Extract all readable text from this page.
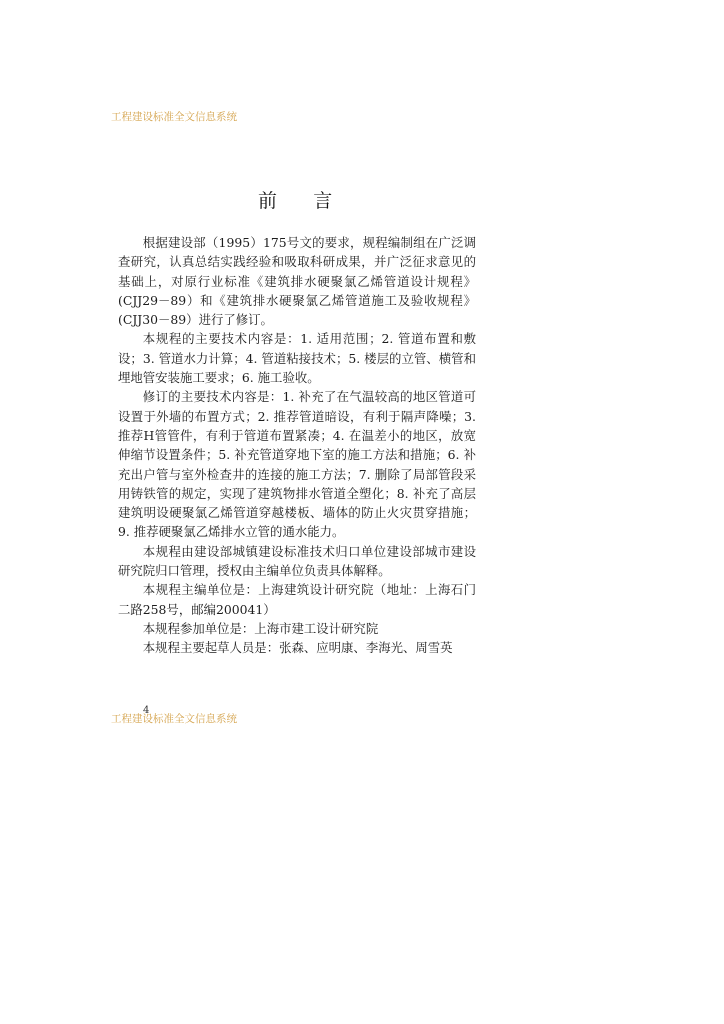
工程建设标准全文信息系统
前      言

根据建设部（1995）175号文的要求，规程编制组在广泛调查研究，认真总结实践经验和吸取科研成果，并广泛征求意见的基础上，对原行业标准《建筑排水硬聚氯乙烯管道设计规程》(CJJ29－89）和《建筑排水硬聚氯乙烯管道施工及验收规程》(CJJ30－89）进行了修订。

本规程的主要技术内容是：1. 适用范围；2. 管道布置和敷设；3. 管道水力计算；4. 管道粘接技术；5. 楼层的立管、横管和埋地管安装施工要求；6. 施工验收。

修订的主要技术内容是：1. 补充了在气温较高的地区管道可设置于外墙的布置方式；2. 推荐管道暗设，有利于隔声降噪；3. 推荐H管管件，有利于管道布置紧凑；4. 在温差小的地区，放宽伸缩节设置条件；5. 补充管道穿地下室的施工方法和措施；6. 补充出户管与室外检查井的连接的施工方法；7. 删除了局部管段采用铸铁管的规定，实现了建筑物排水管道全塑化；8. 补充了高层建筑明设硬聚氯乙烯管道穿越楼板、墙体的防止火灾贯穿措施；9. 推荐硬聚氯乙烯排水立管的通水能力。

本规程由建设部城镇建设标准技术归口单位建设部城市建设研究院归口管理，授权由主编单位负责具体解释。

本规程主编单位是：上海建筑设计研究院（地址：上海石门二路258号，邮编200041）

本规程参加单位是：上海市建工设计研究院

本规程主要起草人员是：张森、应明康、李海光、周雪英

工程建设标准全文信息系统
4
